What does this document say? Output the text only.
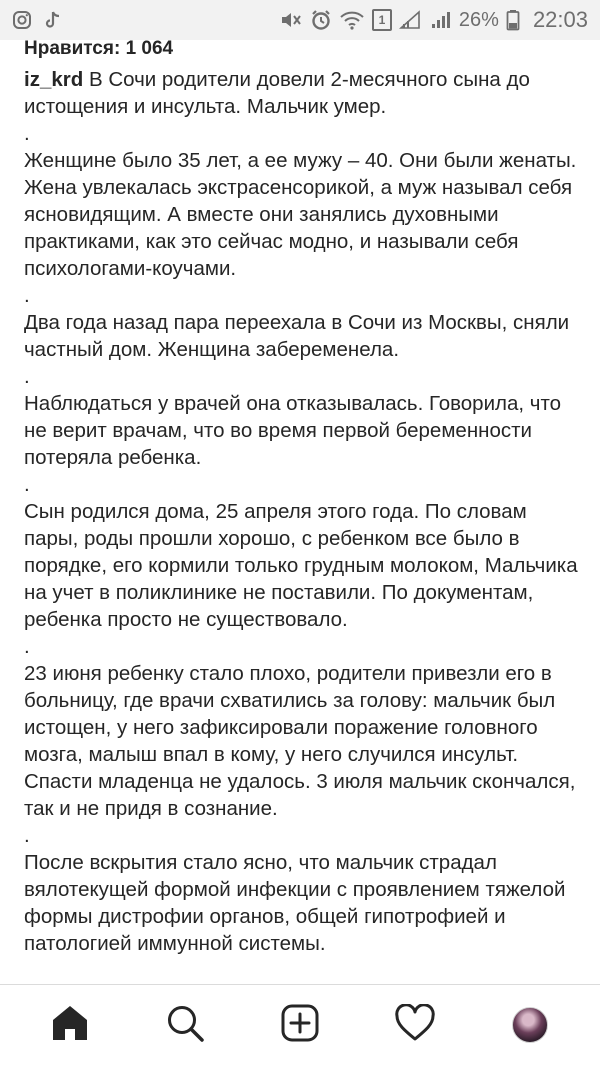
1	26% 22:03
Нравится: 1 064

iz_krd В Сочи родители довели 2-месячного сына до истощения и инсульта. Мальчик умер.

.

Женщине было 35 лет, а ее мужу – 40. Они были женаты. Жена увлекалась экстрасенсорикой, а муж называл себя ясновидящим. А вместе они занялись духовными практиками, как это сейчас модно, и называли себя психологами-коучами.

.

Два года назад пара переехала в Сочи из Москвы, сняли частный дом. Женщина забеременела.

.

Наблюдаться у врачей она отказывалась. Говорила, что не верит врачам, что во время первой беременности потеряла ребенка.

.

Сын родился дома, 25 апреля этого года. По словам пары, роды прошли хорошо, с ребенком все было в порядке, его кормили только грудным молоком, Мальчика на учет в поликлинике не поставили. По документам, ребенка просто не существовало.

.

23 июня ребенку стало плохо, родители привезли его в больницу, где врачи схватились за голову: мальчик был истощен, у него зафиксировали поражение головного мозга, малыш впал в кому, у него случился инсульт. Спасти младенца не удалось. 3 июля мальчик скончался, так и не придя в сознание.

.

После вскрытия стало ясно, что мальчик страдал вялотекущей формой инфекции с проявлением тяжелой формы дистрофии органов, общей гипотрофией и патологией иммунной системы.
